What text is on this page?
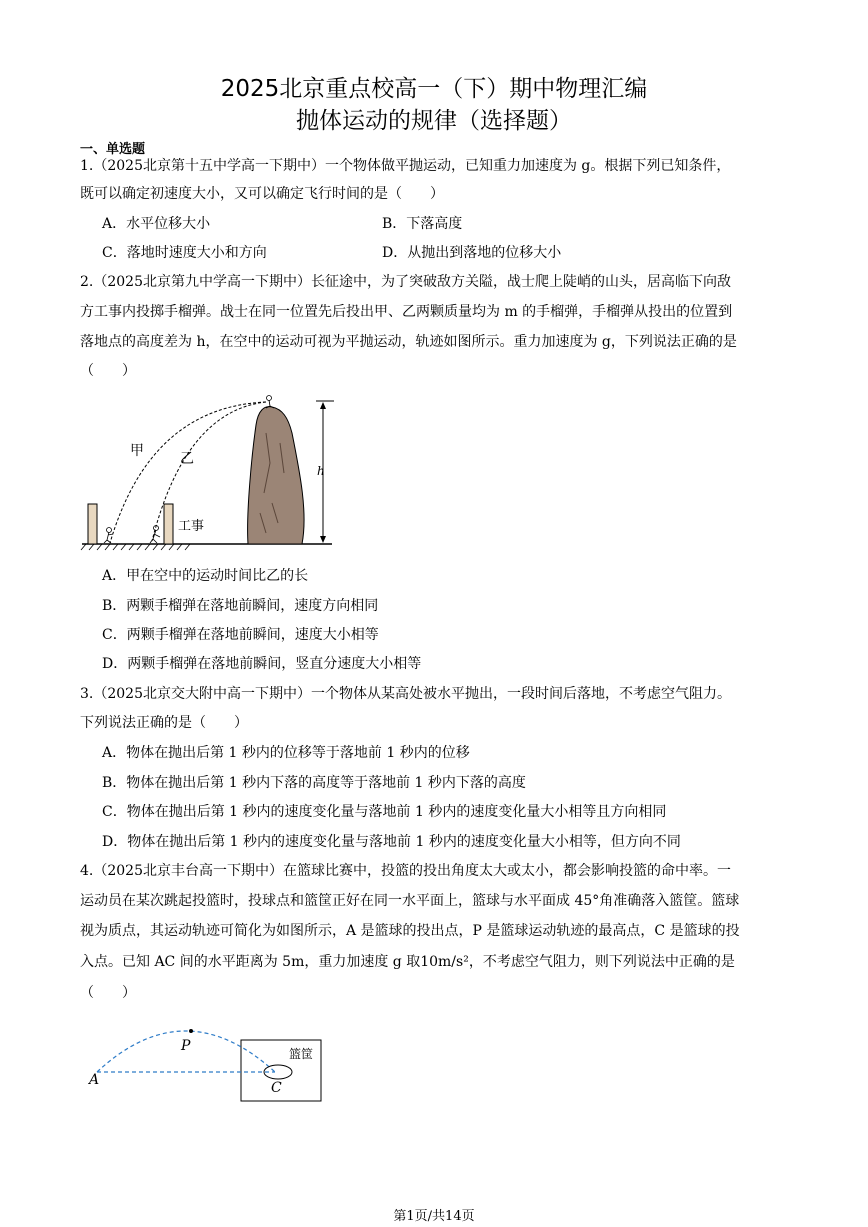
2025北京重点校高一（下）期中物理汇编
抛体运动的规律（选择题）
一、单选题
1.（2025北京第十五中学高一下期中）一个物体做平抛运动，已知重力加速度为 g。根据下列已知条件，
既可以确定初速度大小，又可以确定飞行时间的是（　　）
A．水平位移大小	B．下落高度
C．落地时速度大小和方向	D．从抛出到落地的位移大小
2.（2025北京第九中学高一下期中）长征途中，为了突破敌方关隘，战士爬上陡峭的山头，居高临下向敌
方工事内投掷手榴弹。战士在同一位置先后投出甲、乙两颗质量均为 m 的手榴弹，手榴弹从投出的位置到
落地点的高度差为 h，在空中的运动可视为平抛运动，轨迹如图所示。重力加速度为 g，下列说法正确的是
（　　）
甲	乙
工事
h
A．甲在空中的运动时间比乙的长
B．两颗手榴弹在落地前瞬间，速度方向相同
C．两颗手榴弹在落地前瞬间，速度大小相等
D．两颗手榴弹在落地前瞬间，竖直分速度大小相等
3.（2025北京交大附中高一下期中）一个物体从某高处被水平抛出，一段时间后落地，不考虑空气阻力。
下列说法正确的是（　　）
A．物体在抛出后第 1 秒内的位移等于落地前 1 秒内的位移
B．物体在抛出后第 1 秒内下落的高度等于落地前 1 秒内下落的高度
C．物体在抛出后第 1 秒内的速度变化量与落地前 1 秒内的速度变化量大小相等且方向相同
D．物体在抛出后第 1 秒内的速度变化量与落地前 1 秒内的速度变化量大小相等，但方向不同
4.（2025北京丰台高一下期中）在篮球比赛中，投篮的投出角度太大或太小，都会影响投篮的命中率。一
运动员在某次跳起投篮时，投球点和篮筐正好在同一水平面上，篮球与水平面成 45°角准确落入篮筐。篮球
视为质点，其运动轨迹可简化为如图所示，A 是篮球的投出点，P 是篮球运动轨迹的最高点，C 是篮球的投
入点。已知 AC 间的水平距离为 5m，重力加速度 g 取10m/s²，不考虑空气阻力，则下列说法中正确的是
（　　）
A
P
C
篮筐
第1页/共14页
